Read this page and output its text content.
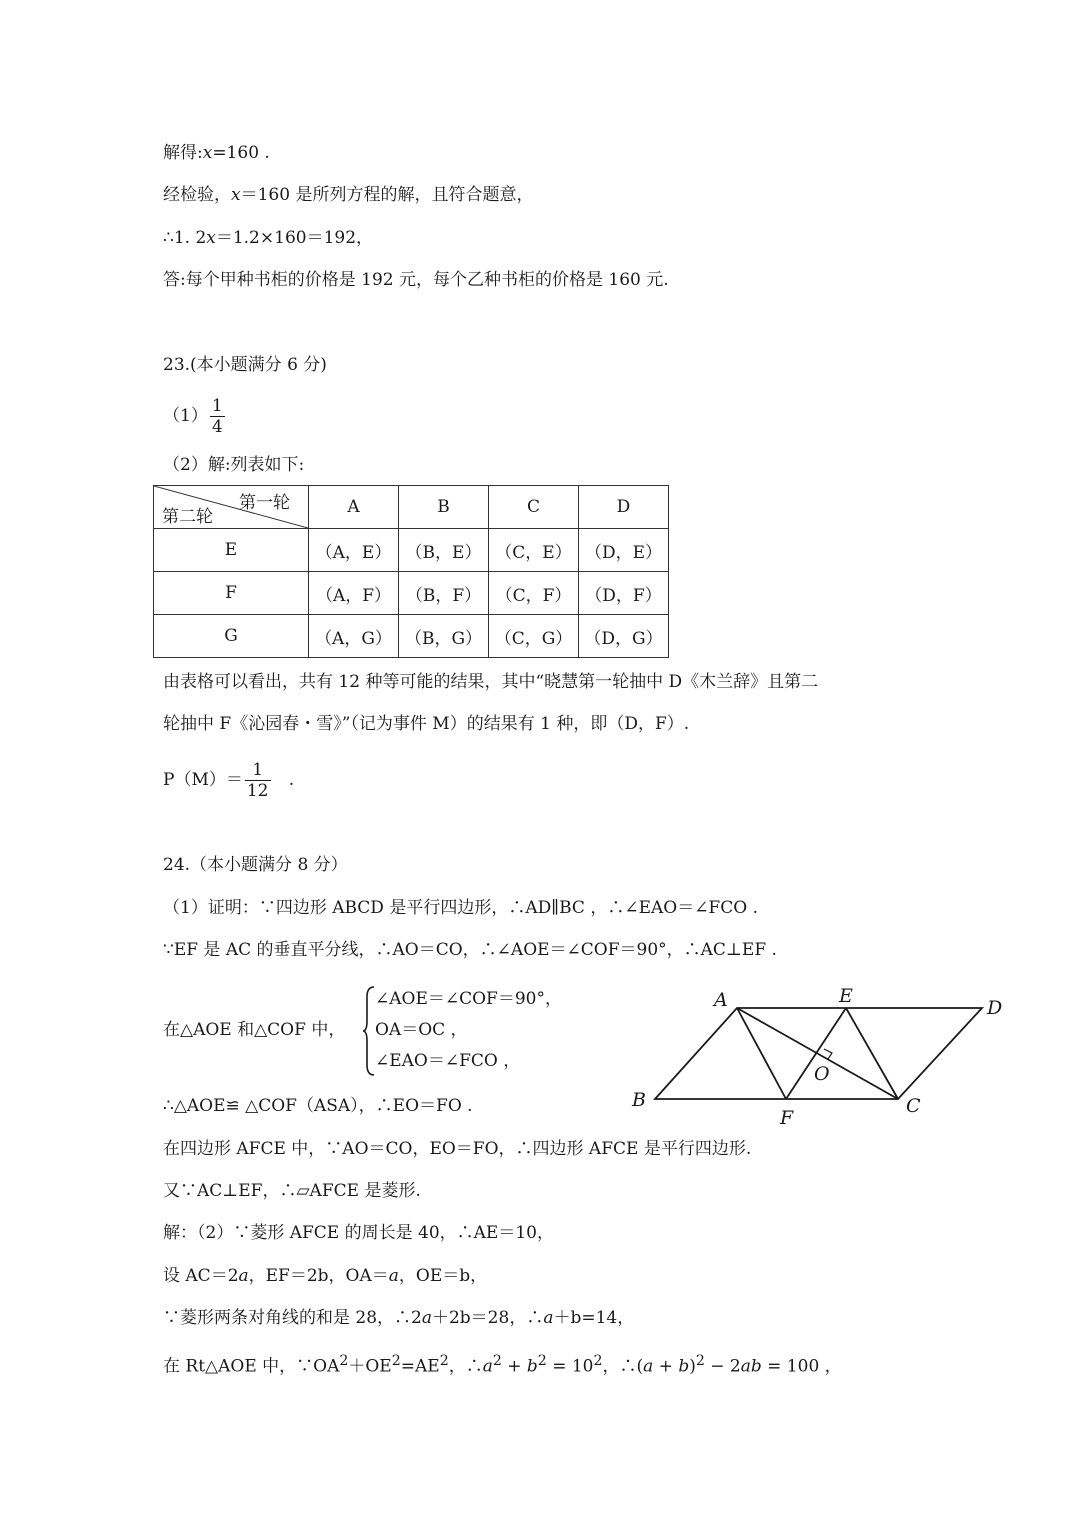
解得:𝑥=160 .
经检验，𝑥＝160 是所列方程的解，且符合题意，
∴1. 2𝑥＝1.2×160＝192，
答:每个甲种书柜的价格是 192 元，每个乙种书柜的价格是 160 元.
23.(本小题满分 6 分)
$(1) \frac{1}{4}$
（2）解:列表如下:
第一轮
第二轮	A	B	C	D
E	（A，E）	（B，E）	（C，E）	（D，E）
F	（A，F）	（B，F）	（C，F）	（D，F）
G	（A，G）	（B，G）	（C，G）	（D，G）
由表格可以看出，共有 12 种等可能的结果，其中“晓慧第一轮抽中 D《木兰辞》且第二
轮抽中 F《沁园春・雪》”（记为事件 M）的结果有 1 种，即（D，F）.
$P(M)= \frac{1}{12}$ .
24.（本小题满分 8 分）
（1）证明：∵四边形 ABCD 是平行四边形，∴AD∥BC ，∴∠EAO＝∠FCO .
∵EF 是 AC 的垂直平分线，∴AO＝CO，∴∠AOE＝∠COF＝90°，∴AC⊥EF .
在△AOE 和△COF 中，
∠AOE＝∠COF＝90°，
OA＝OC ，
∠EAO＝∠FCO ，
A	E
D
B
F
C
O
∴△AOE≌ △COF（ASA），∴EO＝FO .
在四边形 AFCE 中，∵AO＝CO，EO＝FO，∴四边形 AFCE 是平行四边形.
又∵AC⊥EF，∴▱AFCE 是菱形.
解：（2）∵菱形 AFCE 的周长是 40，∴AE＝10，
设 AC＝2𝑎，EF＝2b，OA＝𝑎，OE＝b，
∵菱形两条对角线的和是 28，∴2𝑎＋2b＝28，∴𝑎＋b=14，
在 Rt△AOE 中，$\because OA^2+OE^2=AE^2$，∴𝑎$^2$ + 𝑏$^2$ = $10^2$，∴(𝑎 + 𝑏)$^2$ − 2𝑎𝑏 = 100 ，
